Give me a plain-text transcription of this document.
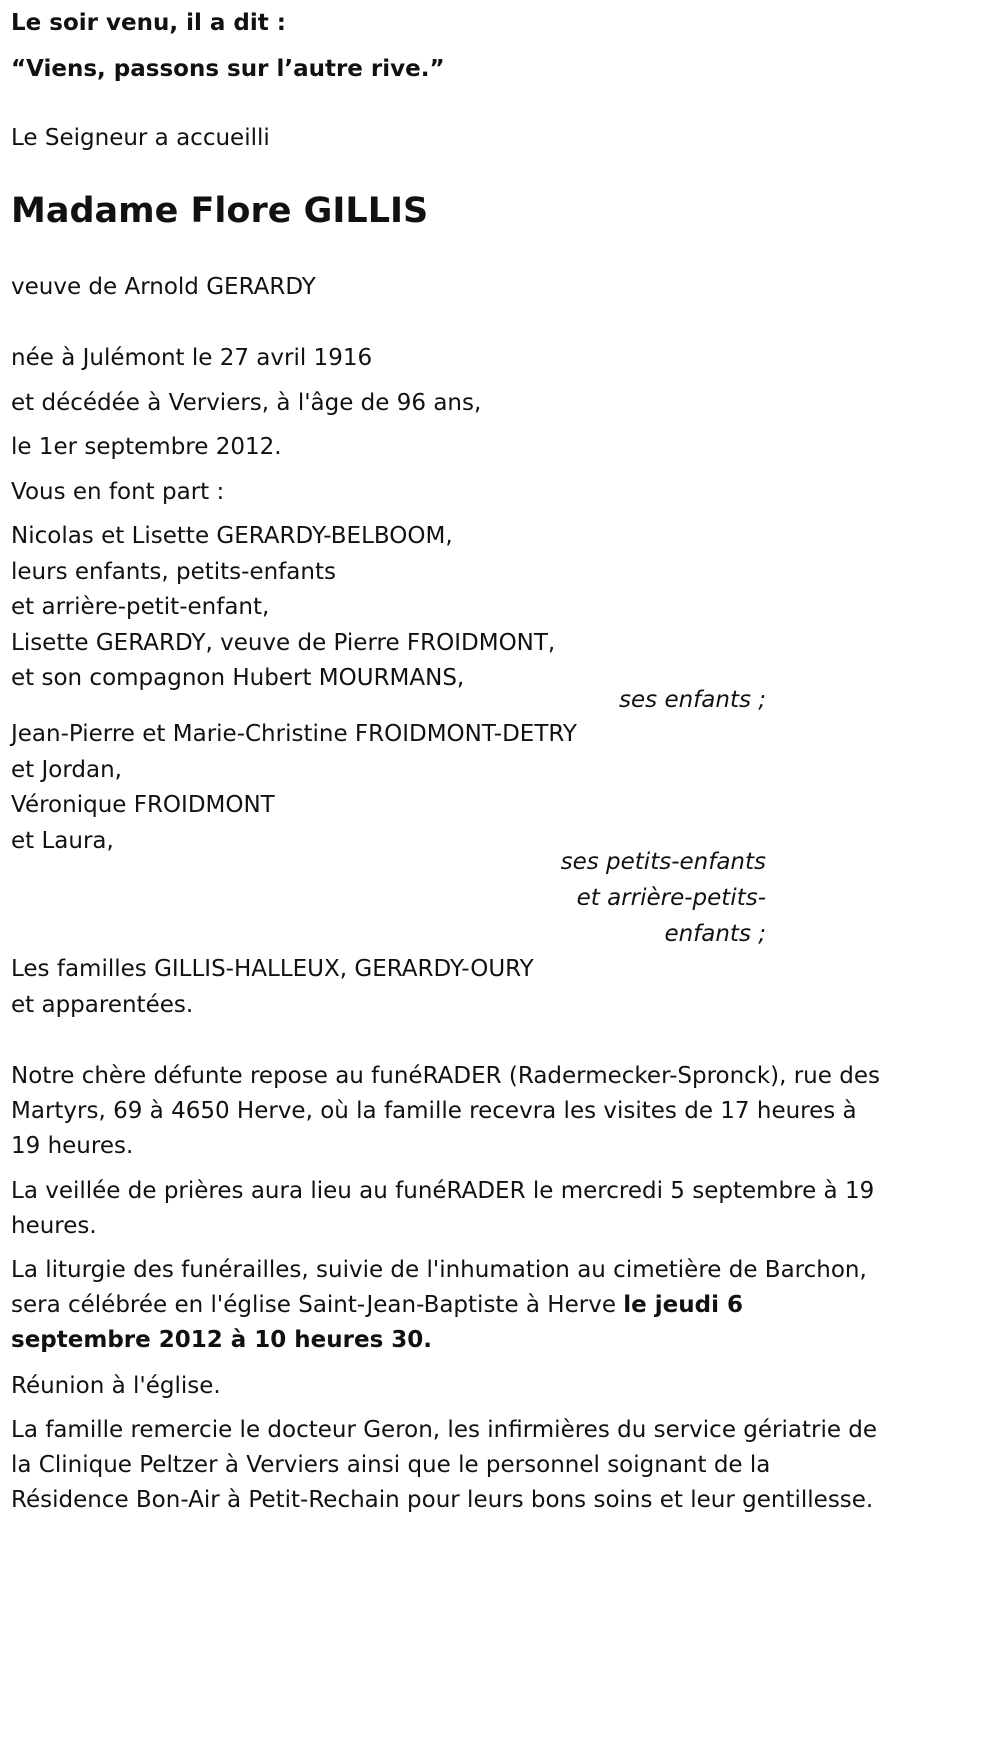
Le soir venu, il a dit :
“Viens, passons sur l’autre rive.”
Le Seigneur a accueilli
Madame Flore GILLIS
veuve de Arnold GERARDY
née à Julémont le 27 avril 1916
et décédée à Verviers, à l'âge de 96 ans,
le 1er septembre 2012.
Vous en font part :
Nicolas et Lisette GERARDY-BELBOOM,
leurs enfants, petits-enfants
et arrière-petit-enfant,
Lisette GERARDY, veuve de Pierre FROIDMONT,
et son compagnon Hubert MOURMANS,
ses enfants ;
Jean-Pierre et Marie-Christine FROIDMONT-DETRY
et Jordan,
Véronique FROIDMONT
et Laura,
ses petits-enfants
et arrière-petits-
enfants ;
Les familles GILLIS-HALLEUX, GERARDY-OURY
et apparentées.
Notre chère défunte repose au funéRADER (Radermecker-Spronck), rue des Martyrs, 69 à 4650 Herve, où la famille recevra les visites de 17 heures à 19 heures.
La veillée de prières aura lieu au funéRADER le mercredi 5 septembre à 19 heures.
La liturgie des funérailles, suivie de l'inhumation au cimetière de Barchon, sera célébrée en l'église Saint-Jean-Baptiste à Herve le jeudi 6 septembre 2012 à 10 heures 30.
Réunion à l'église.
La famille remercie le docteur Geron, les infirmières du service gériatrie de la Clinique Peltzer à Verviers ainsi que le personnel soignant de la Résidence Bon-Air à Petit-Rechain pour leurs bons soins et leur gentillesse.
